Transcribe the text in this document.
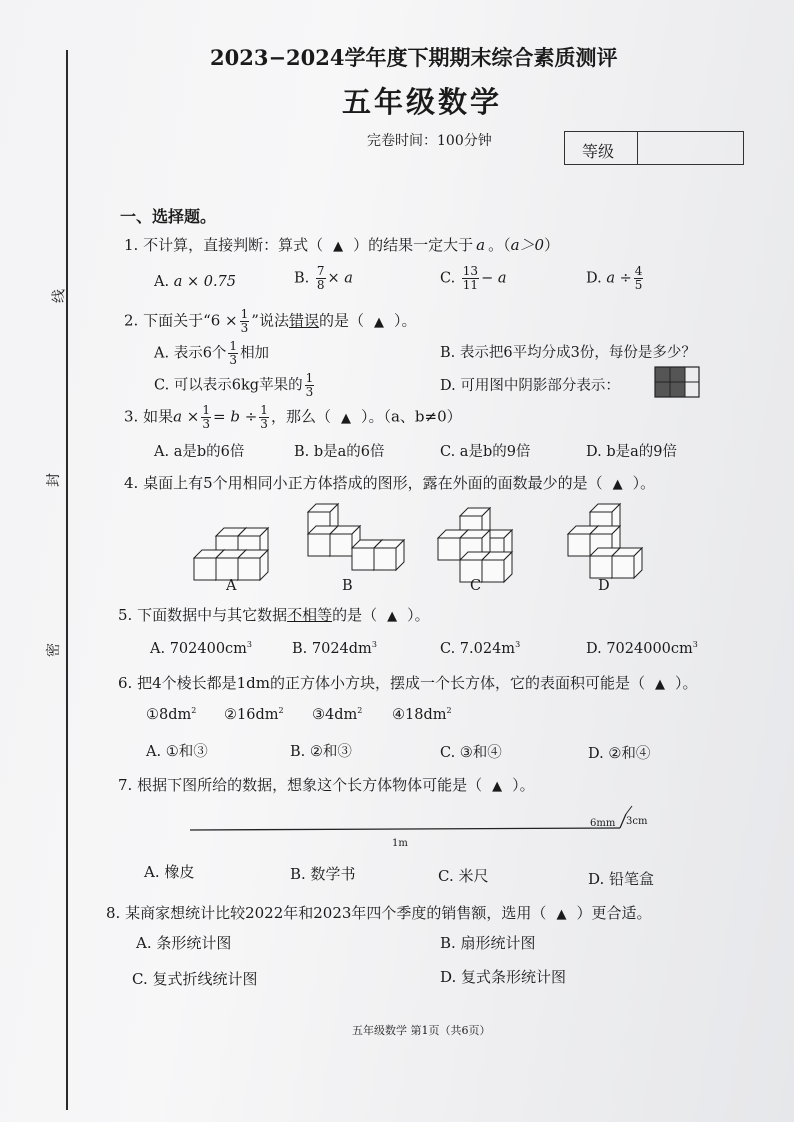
线
封
密
2023−2024学年度下期期末综合素质测评
五年级数学
完卷时间：100分钟
等级
一、选择题。
1. 不计算，直接判断：算式（ ▲ ）的结果一定大于 a 。（a＞0）
A. a × 0.75	B. $\frac{7}{8} \times a$	C. $\frac{13}{11} - a$	D. $a \div \frac{4}{5}$
2. 下面关于“$6 \times \frac{1}{3}$ ”说法错误的是（ ▲ ）。
A. 表示6个 $\frac{1}{3}$ 相加	B. 表示把6平均分成3份，每份是多少？
C. 可以表示6kg苹果的 $\frac{1}{3}$	D. 可用图中阴影部分表示：
3. 如果$a \times \frac{1}{3} = b \div \frac{1}{3}$ ，那么（ ▲ ）。（a、b≠0）
A. a是b的6倍	B. b是a的6倍	C. a是b的9倍	D. b是a的9倍
4. 桌面上有5个用相同小正方体搭成的图形，露在外面的面数最少的是（ ▲ ）。
A	B	C	D
5. 下面数据中与其它数据不相等的是（ ▲ ）。
A. $702400cm^3$	B. $7024dm^3$	C. $7.024m^3$	D. $7024000cm^3$
6. 把4个棱长都是1dm的正方体小方块，摆成一个长方体，它的表面积可能是（ ▲ ）。
$①8dm^2$ $②16dm^2$ $③4dm^2$ $④18dm^2$
A. ①和③	B. ②和③	C. ③和④	D. ②和④
7. 根据下图所给的数据，想象这个长方体物体可能是（ ▲ ）。
1m
6mm 3cm
A. 橡皮	B. 数学书	C. 米尺	D. 铅笔盒
8. 某商家想统计比较2022年和2023年四个季度的销售额，选用（ ▲ ）更合适。
A. 条形统计图	B. 扇形统计图
C. 复式折线统计图	D. 复式条形统计图
五年级数学 第1页（共6页）
